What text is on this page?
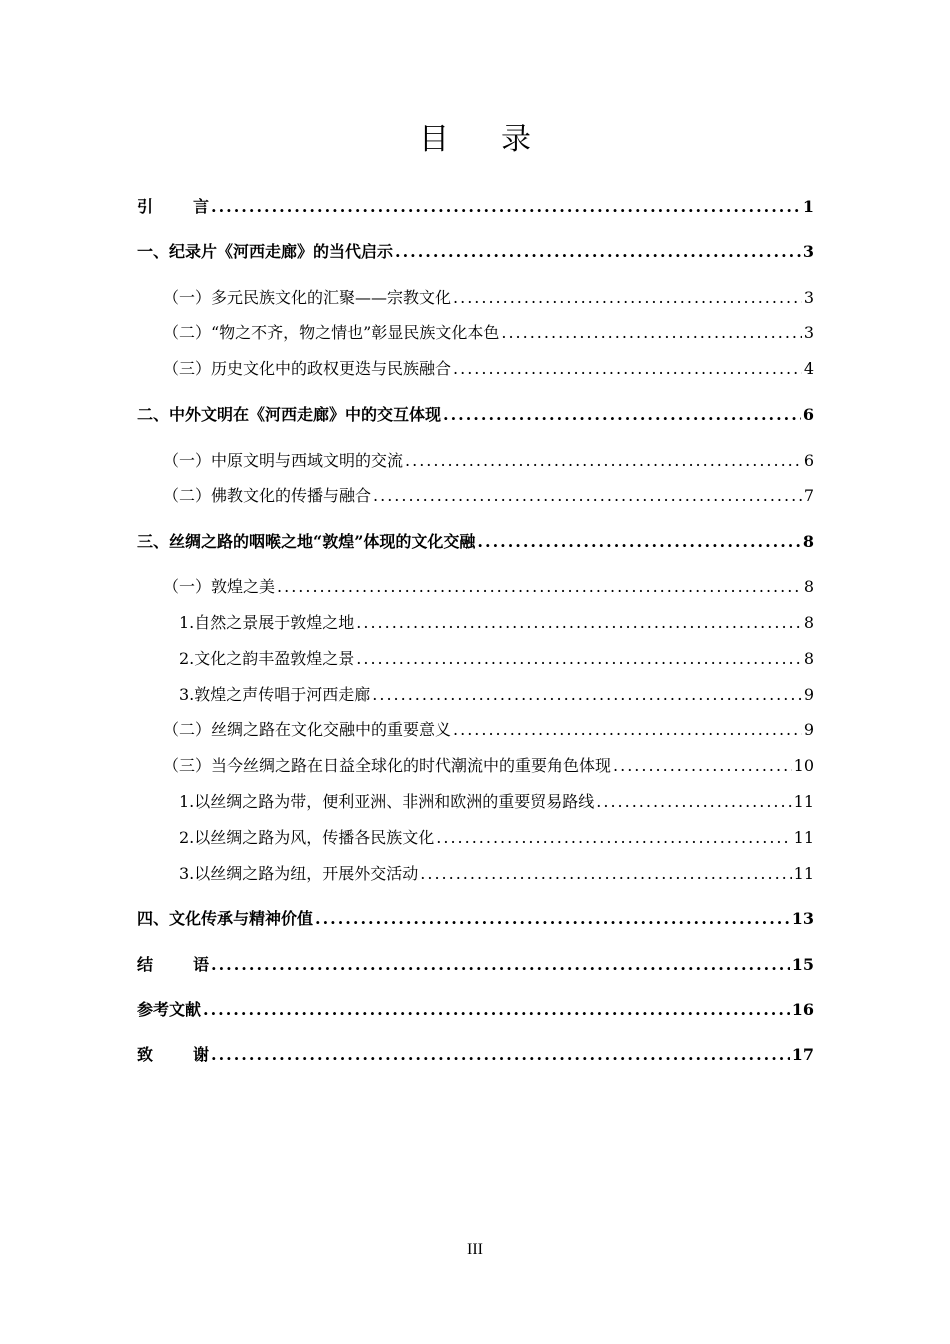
目录
引 言 .....	1
一、纪录片《河西走廊》的当代启示 .....	3
（一）多元民族文化的汇聚——宗教文化 .....	3
（二）“物之不齐，物之情也”彰显民族文化本色 .....	3
（三）历史文化中的政权更迭与民族融合 .....	4
二、中外文明在《河西走廊》中的交互体现 .....	6
（一）中原文明与西域文明的交流 .....	6
（二）佛教文化的传播与融合 .....	7
三、丝绸之路的咽喉之地“敦煌”体现的文化交融 .....	8
（一）敦煌之美 .....	8
1.自然之景展于敦煌之地 .....	8
2.文化之韵丰盈敦煌之景 .....	8
3.敦煌之声传唱于河西走廊 .....	9
（二）丝绸之路在文化交融中的重要意义 .....	9
（三）当今丝绸之路在日益全球化的时代潮流中的重要角色体现 .....	10
1.以丝绸之路为带，便利亚洲、非洲和欧洲的重要贸易路线 .....	11
2.以丝绸之路为风，传播各民族文化 .....	11
3.以丝绸之路为纽，开展外交活动 .....	11
四、文化传承与精神价值 .....	13
结 语 .....	15
参考文献 .....	16
致 谢 .....	17
III
